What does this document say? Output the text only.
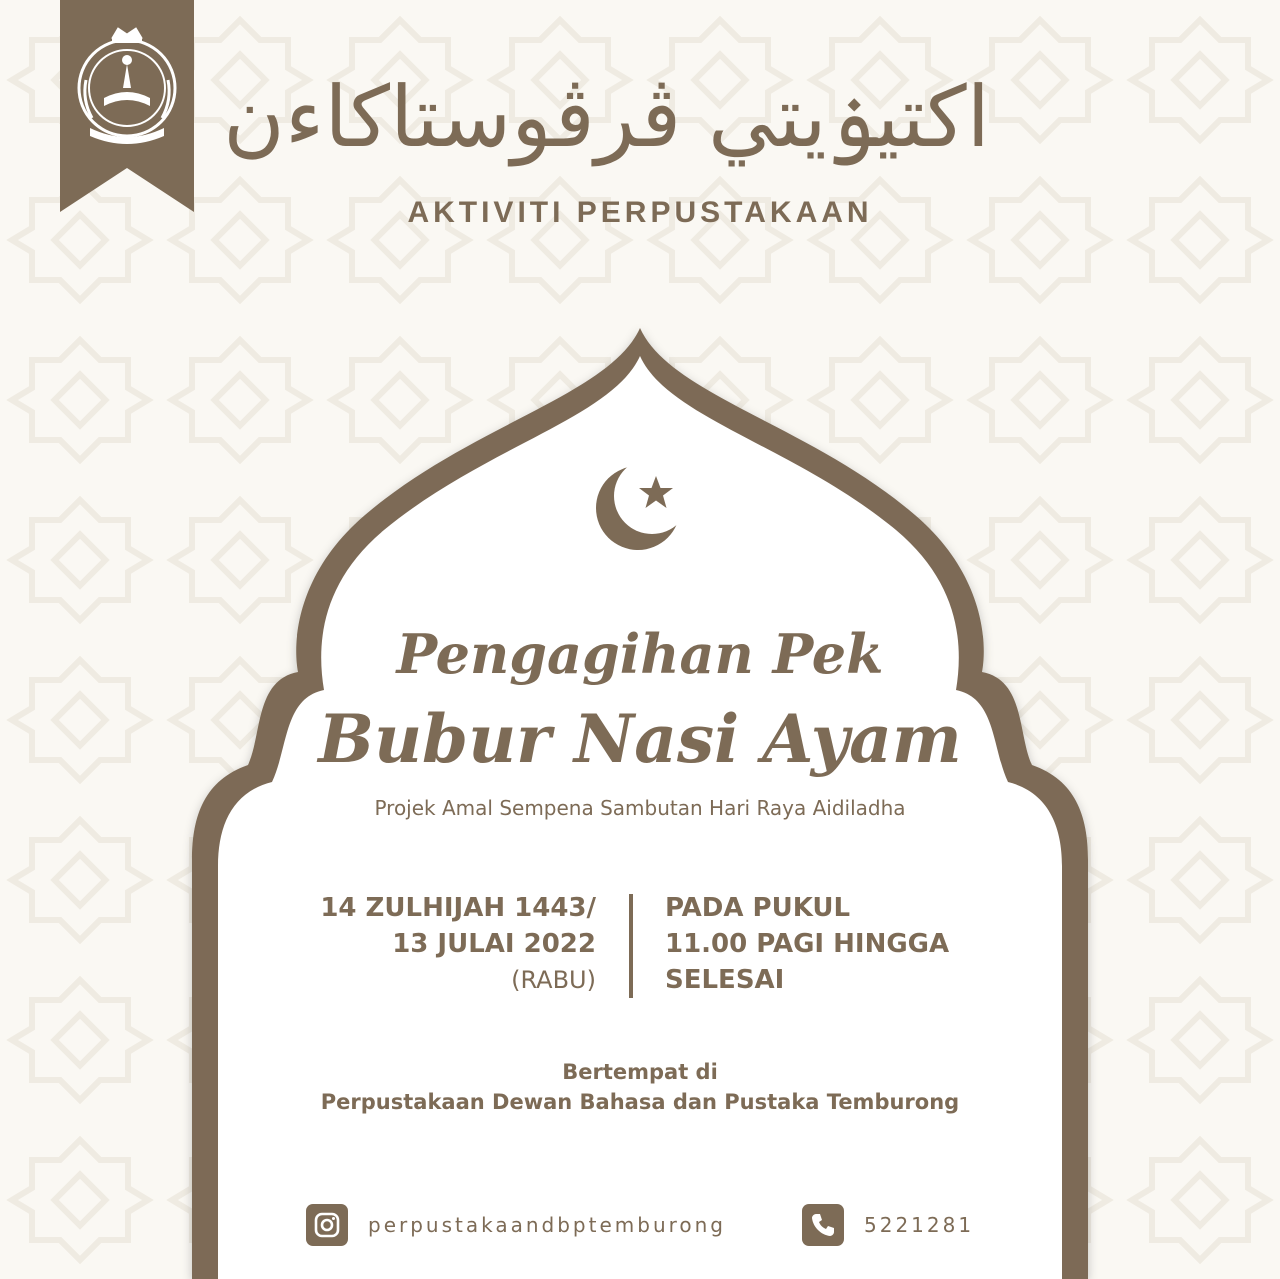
اكتيۏيتي ڤرڤوستاكاءن
AKTIVITI PERPUSTAKAAN
Pengagihan Pek
Bubur Nasi Ayam
Projek Amal Sempena Sambutan Hari Raya Aidiladha
14 ZULHIJAH 1443/
13 JULAI 2022
(RABU)
PADA PUKUL
11.00 PAGI HINGGA
SELESAI
Bertempat di
Perpustakaan Dewan Bahasa dan Pustaka Temburong
perpustakaandbptemburong	5221281
